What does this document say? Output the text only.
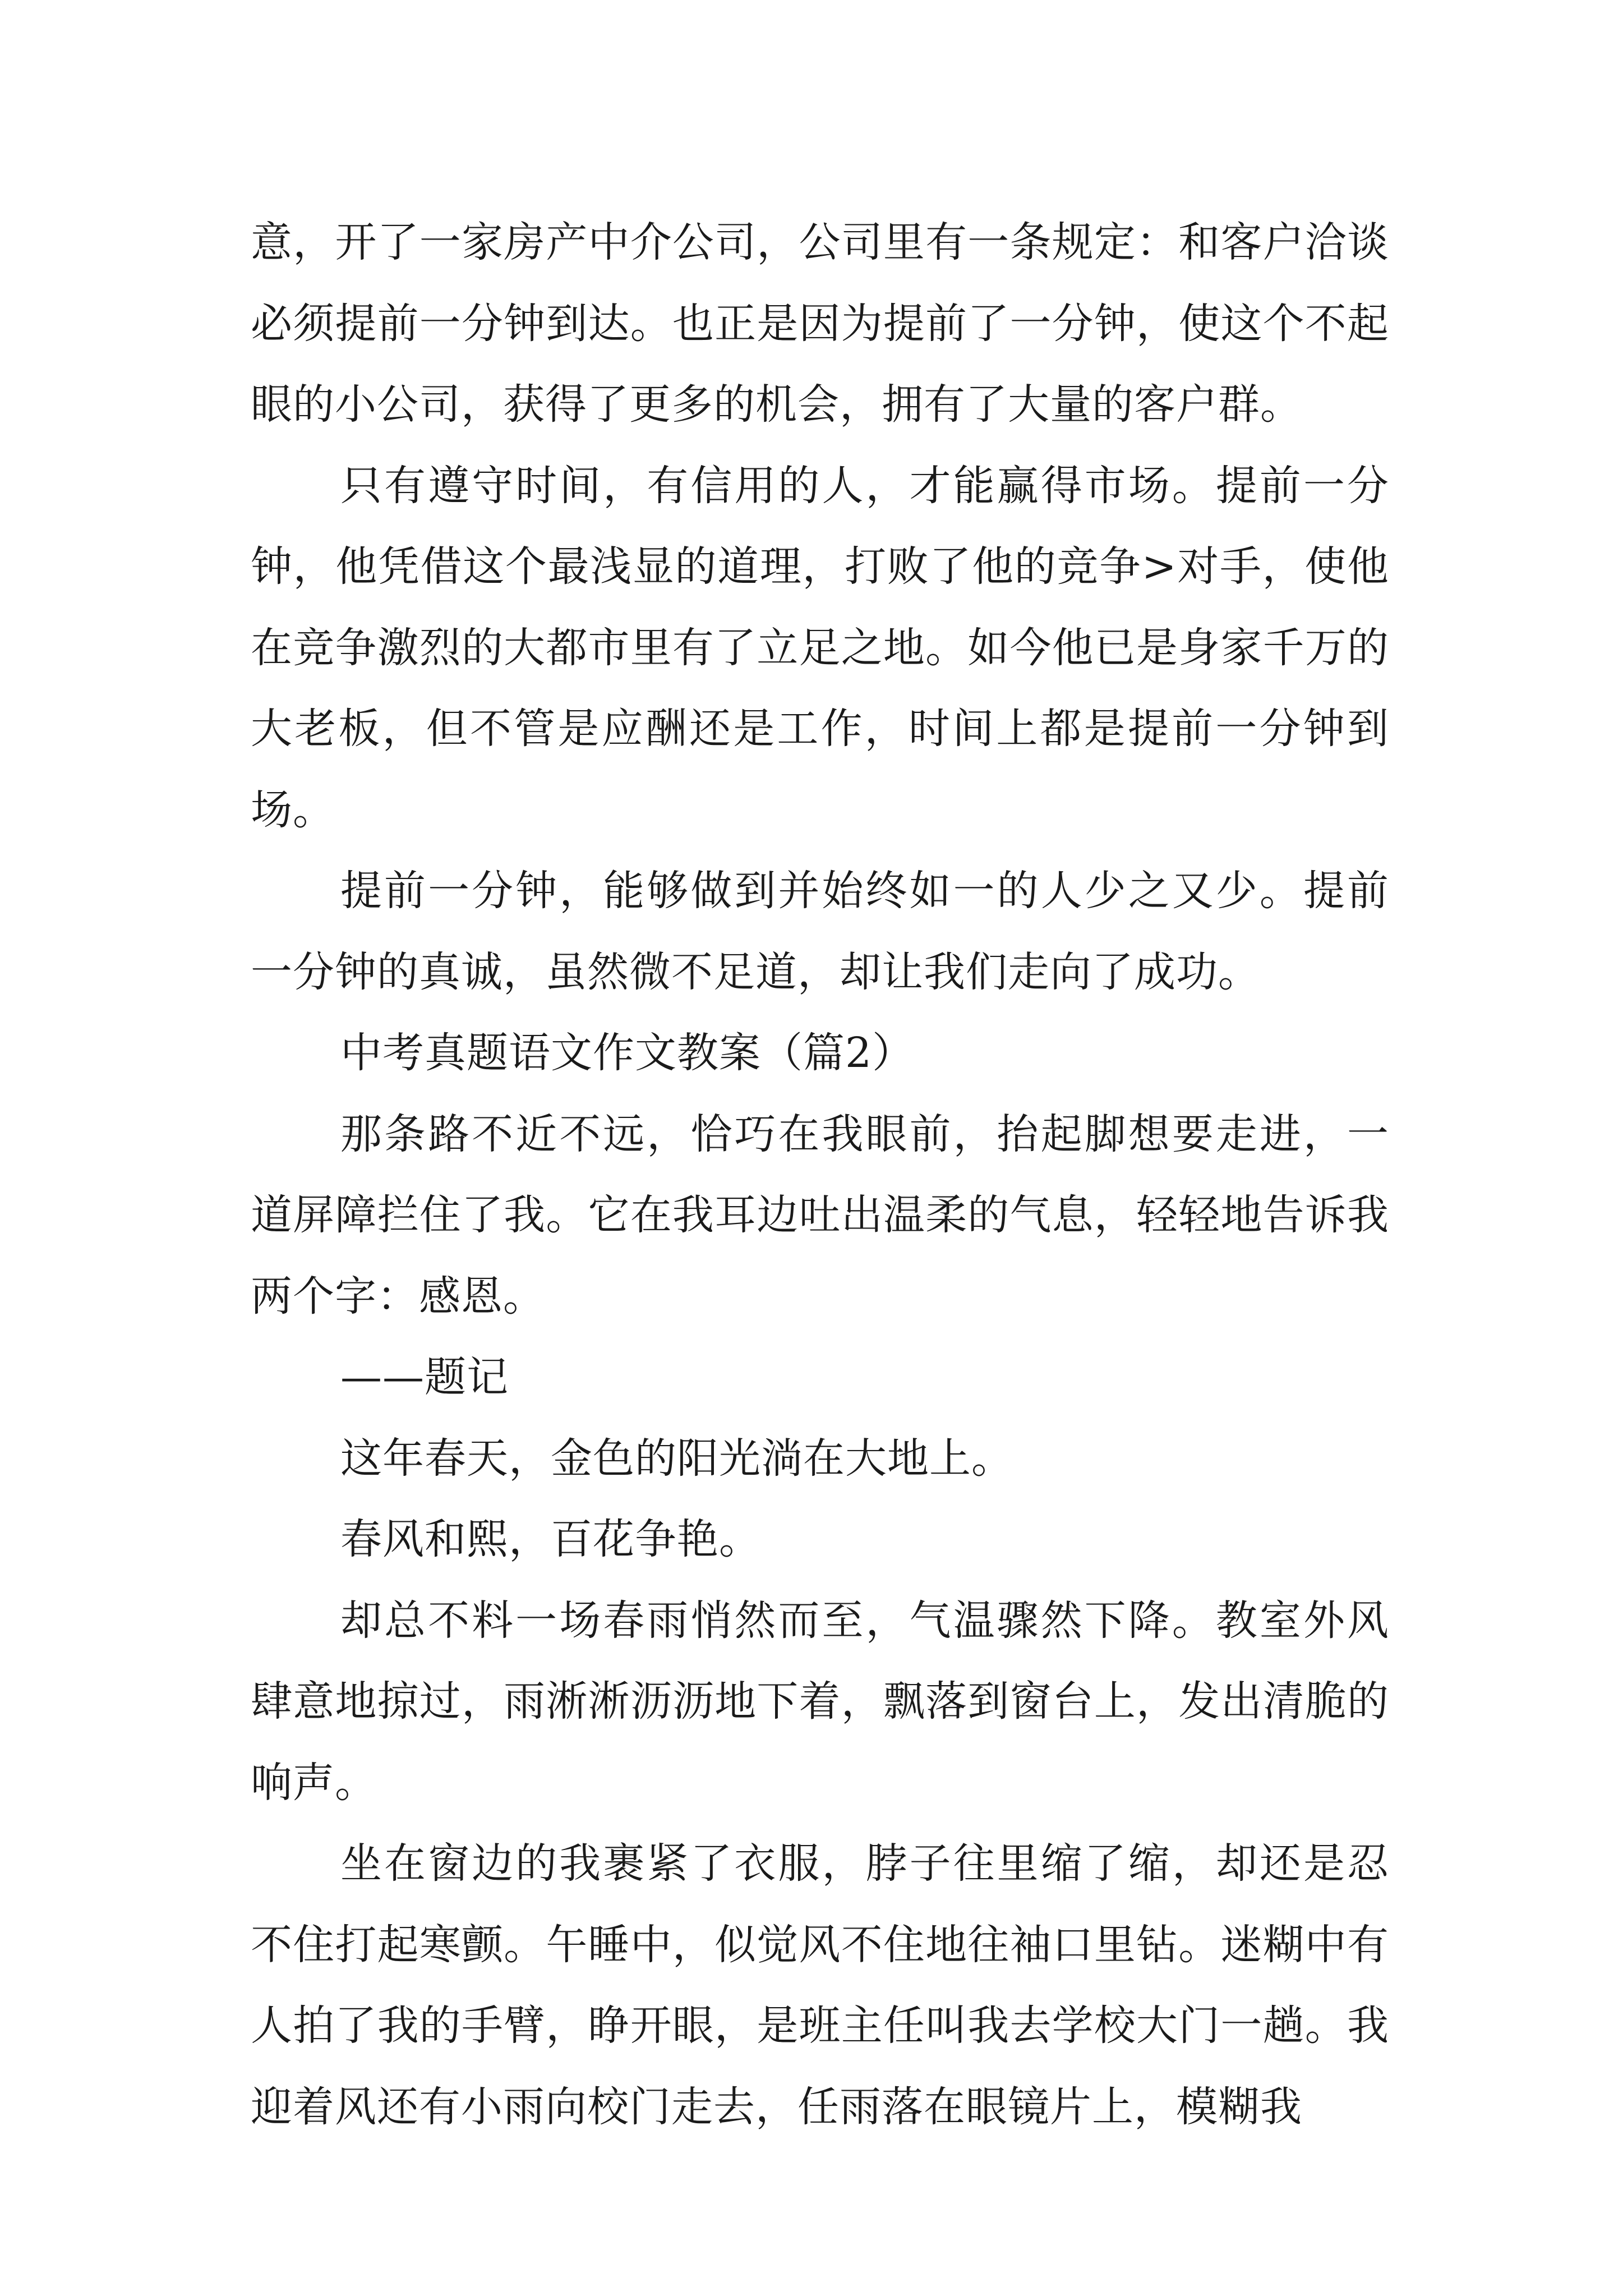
意，开了一家房产中介公司，公司里有一条规定：和客户洽谈必须提前一分钟到达。也正是因为提前了一分钟，使这个不起眼的小公司，获得了更多的机会，拥有了大量的客户群。

只有遵守时间，有信用的人，才能赢得市场。提前一分钟，他凭借这个最浅显的道理，打败了他的竞争>对手，使他在竞争激烈的大都市里有了立足之地。如今他已是身家千万的大老板，但不管是应酬还是工作，时间上都是提前一分钟到场。

提前一分钟，能够做到并始终如一的人少之又少。提前一分钟的真诚，虽然微不足道，却让我们走向了成功。

中考真题语文作文教案（篇2）

那条路不近不远，恰巧在我眼前，抬起脚想要走进，一道屏障拦住了我。它在我耳边吐出温柔的气息，轻轻地告诉我两个字：感恩。

——题记

这年春天，金色的阳光淌在大地上。

春风和熙，百花争艳。

却总不料一场春雨悄然而至，气温骤然下降。教室外风肆意地掠过，雨淅淅沥沥地下着，飘落到窗台上，发出清脆的响声。

坐在窗边的我裹紧了衣服，脖子往里缩了缩，却还是忍不住打起寒颤。午睡中，似觉风不住地往袖口里钻。迷糊中有人拍了我的手臂，睁开眼，是班主任叫我去学校大门一趟。我迎着风还有小雨向校门走去，任雨落在眼镜片上，模糊我
